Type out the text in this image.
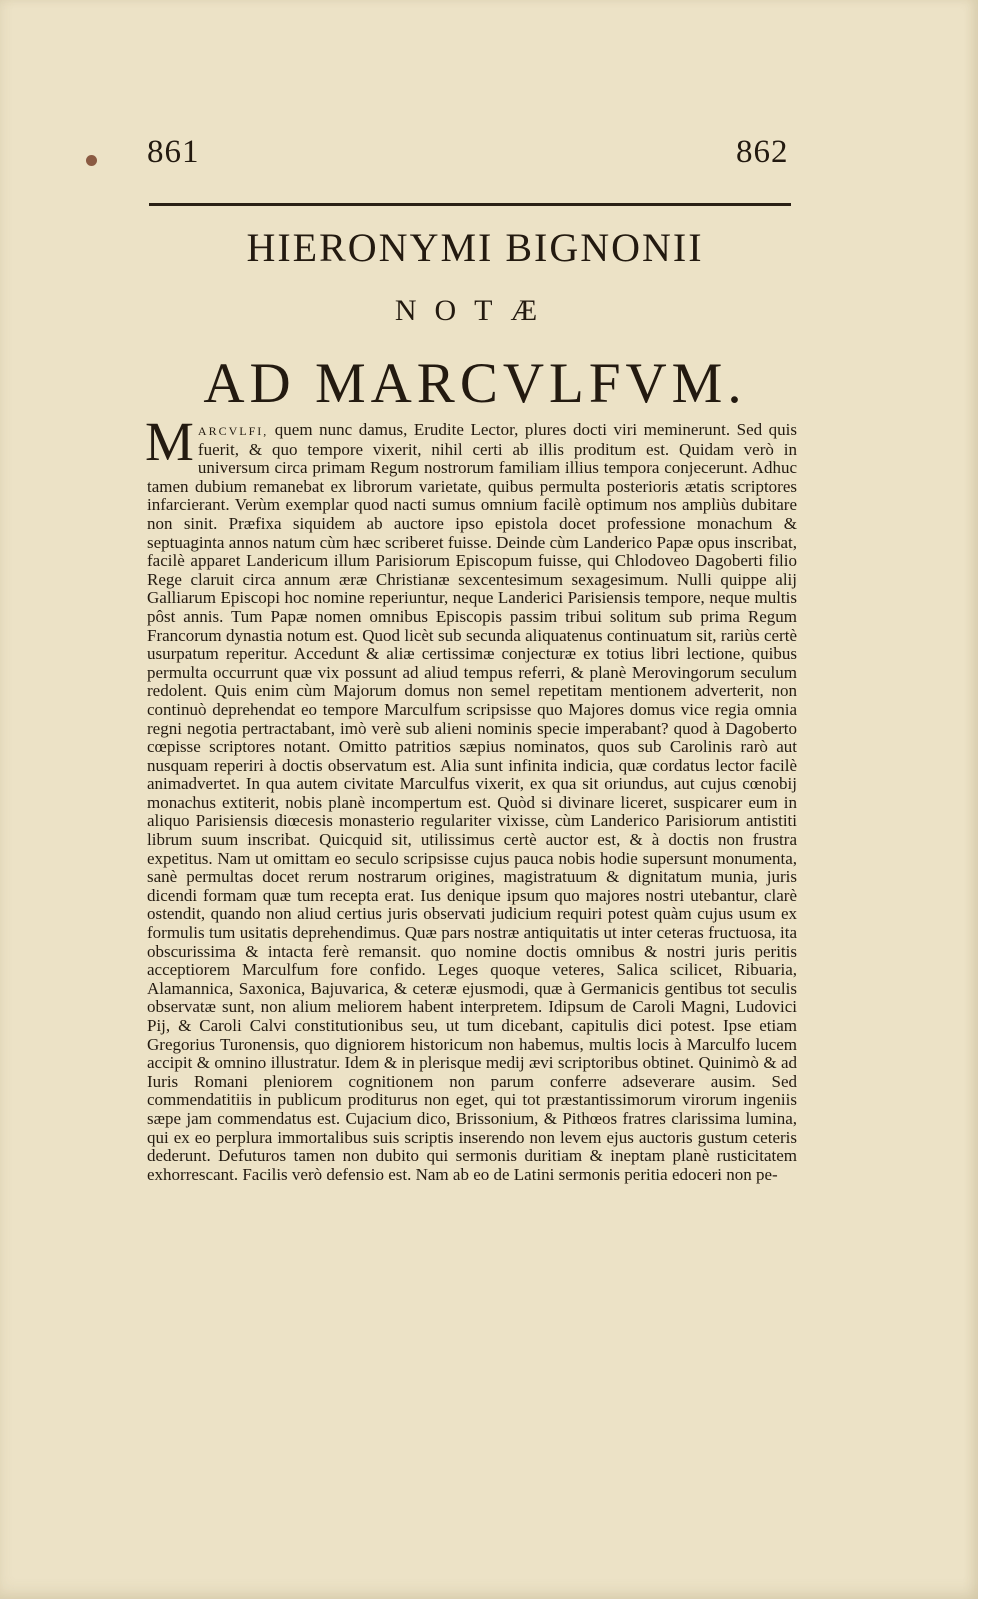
861	862
HIERONYMI BIGNONII
NOTÆ
AD MARCVLFVM.
M ARCVLFI, quem nunc damus, Erudite Lector, plures docti viri meminerunt. Sed quis fuerit, & quo tempore vixerit, nihil certi ab illis proditum est. Quidam verò in universum circa primam Regum nostrorum familiam illius tempora conjecerunt. Adhuc tamen dubium remanebat ex librorum varietate, quibus permulta posterioris ætatis scriptores infarcierant. Verùm exemplar quod nacti sumus omnium facilè optimum nos ampliùs dubitare non sinit. Præfixa siquidem ab auctore ipso epistola docet professione monachum & septuaginta annos natum cùm hæc scriberet fuisse. Deinde cùm Landerico Papæ opus inscribat, facilè apparet Landericum illum Parisiorum Episcopum fuisse, qui Chlodoveo Dagoberti filio Rege claruit circa annum æræ Christianæ sexcentesimum sexagesimum. Nulli quippe alij Galliarum Episcopi hoc nomine reperiuntur, neque Landerici Parisiensis tempore, neque multis pôst annis. Tum Papæ nomen omnibus Episcopis passim tribui solitum sub prima Regum Francorum dynastia notum est. Quod licèt sub secunda aliquatenus continuatum sit, rariùs certè usurpatum reperitur. Accedunt & aliæ certissimæ conjecturæ ex totius libri lectione, quibus permulta occurrunt quæ vix possunt ad aliud tempus referri, & planè Merovingorum seculum redolent. Quis enim cùm Majorum domus non semel repetitam mentionem adverterit, non continuò deprehendat eo tempore Marculfum scripsisse quo Majores domus vice regia omnia regni negotia pertractabant, imò verè sub alieni nominis specie imperabant? quod à Dagoberto cœpisse scriptores notant. Omitto patritios sæpius nominatos, quos sub Carolinis rarò aut nusquam reperiri à doctis observatum est. Alia sunt infinita indicia, quæ cordatus lector facilè animadvertet. In qua autem civitate Marculfus vixerit, ex qua sit oriundus, aut cujus cœnobij monachus extiterit, nobis planè incompertum est. Quòd si divinare liceret, suspicarer eum in aliquo Parisiensis diœcesis monasterio regulariter vixisse, cùm Landerico Parisiorum antistiti librum suum inscribat. Quicquid sit, utilissimus certè auctor est, & à doctis non frustra expetitus. Nam ut omittam eo seculo scripsisse cujus pauca nobis hodie supersunt monumenta, sanè permultas docet rerum nostrarum origines, magistratuum & dignitatum munia, juris dicendi formam quæ tum recepta erat. Ius denique ipsum quo majores nostri utebantur, clarè ostendit, quando non aliud certius juris observati judicium requiri potest quàm cujus usum ex formulis tum usitatis deprehendimus. Quæ pars nostræ antiquitatis ut inter ceteras fructuosa, ita obscurissima & intacta ferè remansit. quo nomine doctis omnibus & nostri juris peritis acceptiorem Marculfum fore confido. Leges quoque veteres, Salica scilicet, Ribuaria, Alamannica, Saxonica, Bajuvarica, & ceteræ ejusmodi, quæ à Germanicis gentibus tot seculis observatæ sunt, non alium meliorem habent interpretem. Idipsum de Caroli Magni, Ludovici Pij, & Caroli Calvi constitutionibus seu, ut tum dicebant, capitulis dici potest. Ipse etiam Gregorius Turonensis, quo digniorem historicum non habemus, multis locis à Marculfo lucem accipit & omnino illustratur. Idem & in plerisque medij ævi scriptoribus obtinet. Quinimò & ad Iuris Romani pleniorem cognitionem non parum conferre adseverare ausim. Sed commendatitiis in publicum proditurus non eget, qui tot præstantissimorum virorum ingeniis sæpe jam commendatus est. Cujacium dico, Brissonium, & Pithœos fratres clarissima lumina, qui ex eo perplura immortalibus suis scriptis inserendo non levem ejus auctoris gustum ceteris dederunt. Defuturos tamen non dubito qui sermonis duritiam & ineptam planè rusticitatem exhorrescant. Facilis verò defensio est. Nam ab eo de Latini sermonis peritia edoceri non pe-
